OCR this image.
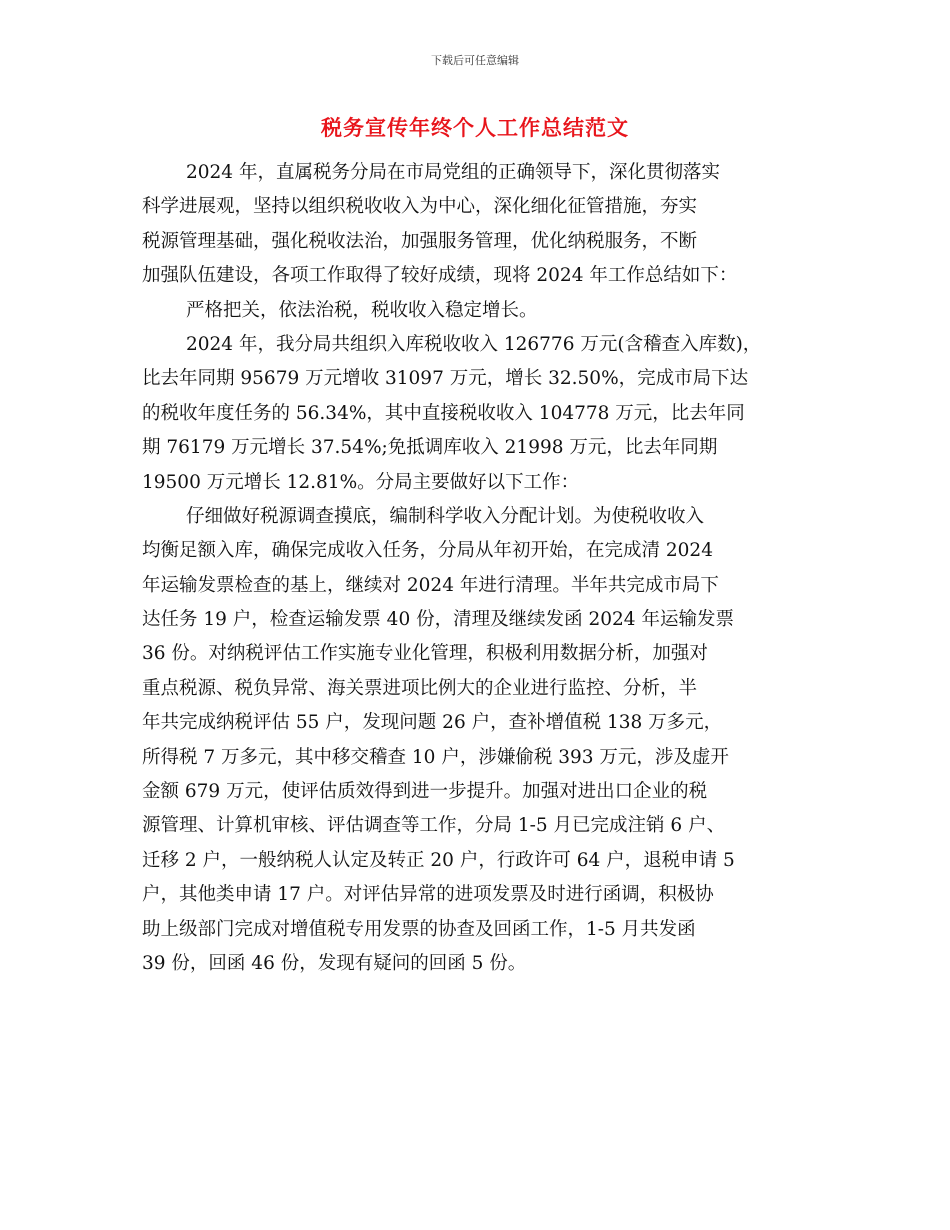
下载后可任意编辑
税务宣传年终个人工作总结范文
2024 年，直属税务分局在市局党组的正确领导下，深化贯彻落实
科学进展观，坚持以组织税收收入为中心，深化细化征管措施，夯实
税源管理基础，强化税收法治，加强服务管理，优化纳税服务，不断
加强队伍建设，各项工作取得了较好成绩，现将 2024 年工作总结如下：
严格把关，依法治税，税收收入稳定增长。
2024 年，我分局共组织入库税收收入 126776 万元(含稽查入库数)，
比去年同期 95679 万元增收 31097 万元，增长 32.50%，完成市局下达
的税收年度任务的 56.34%，其中直接税收收入 104778 万元，比去年同
期 76179 万元增长 37.54%;免抵调库收入 21998 万元，比去年同期
19500 万元增长 12.81%。分局主要做好以下工作：
仔细做好税源调查摸底，编制科学收入分配计划。为使税收收入
均衡足额入库，确保完成收入任务，分局从年初开始，在完成清 2024
年运输发票检查的基上，继续对 2024 年进行清理。半年共完成市局下
达任务 19 户，检查运输发票 40 份，清理及继续发函 2024 年运输发票
36 份。对纳税评估工作实施专业化管理，积极利用数据分析，加强对
重点税源、税负异常、海关票进项比例大的企业进行监控、分析，半
年共完成纳税评估 55 户，发现问题 26 户，查补增值税 138 万多元，
所得税 7 万多元，其中移交稽查 10 户，涉嫌偷税 393 万元，涉及虚开
金额 679 万元，使评估质效得到进一步提升。加强对进出口企业的税
源管理、计算机审核、评估调查等工作，分局 1-5 月已完成注销 6 户、
迁移 2 户，一般纳税人认定及转正 20 户，行政许可 64 户，退税申请 5
户，其他类申请 17 户。对评估异常的进项发票及时进行函调，积极协
助上级部门完成对增值税专用发票的协查及回函工作，1-5 月共发函
39 份，回函 46 份，发现有疑问的回函 5 份。
